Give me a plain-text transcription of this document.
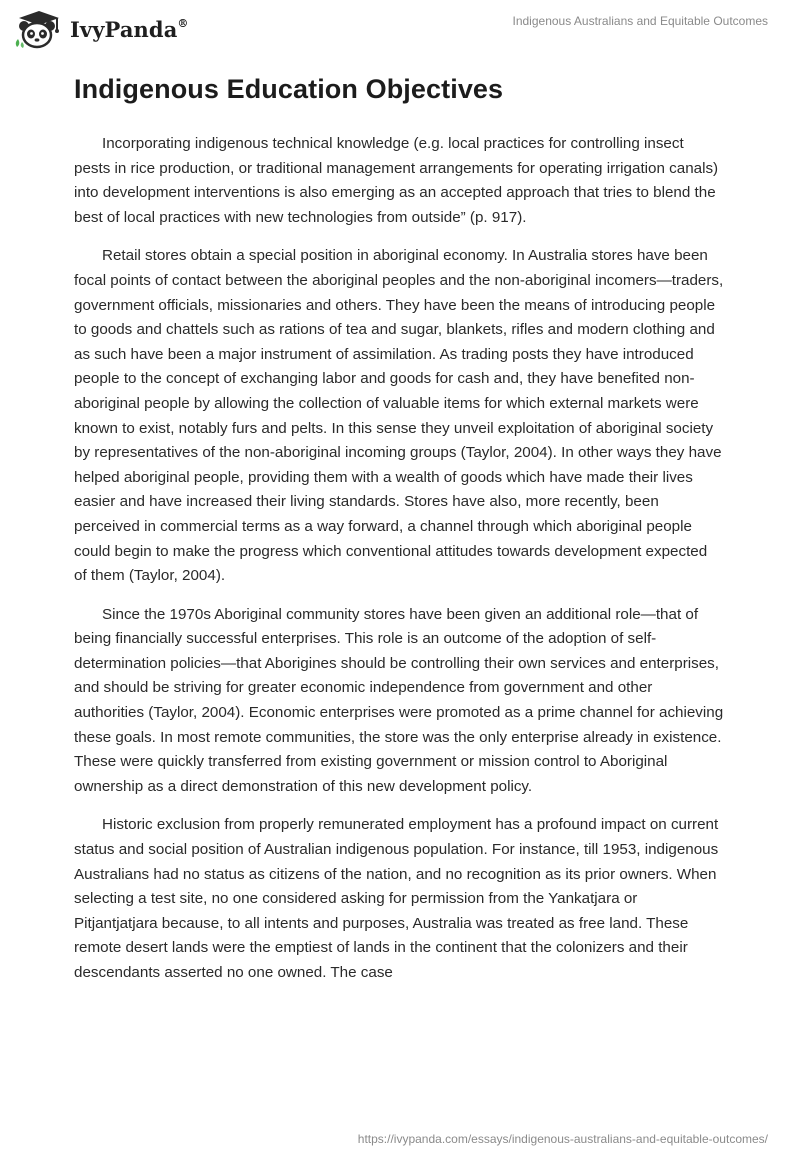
IvyPanda®	Indigenous Australians and Equitable Outcomes
Indigenous Education Objectives

Incorporating indigenous technical knowledge (e.g. local practices for controlling insect pests in rice production, or traditional management arrangements for operating irrigation canals) into development interventions is also emerging as an accepted approach that tries to blend the best of local practices with new technologies from outside” (p. 917).

Retail stores obtain a special position in aboriginal economy. In Australia stores have been focal points of contact between the aboriginal peoples and the non-aboriginal incomers—traders, government officials, missionaries and others. They have been the means of introducing people to goods and chattels such as rations of tea and sugar, blankets, rifles and modern clothing and as such have been a major instrument of assimilation. As trading posts they have introduced people to the concept of exchanging labor and goods for cash and, they have benefited non-aboriginal people by allowing the collection of valuable items for which external markets were known to exist, notably furs and pelts. In this sense they unveil exploitation of aboriginal society by representatives of the non-aboriginal incoming groups (Taylor, 2004). In other ways they have helped aboriginal people, providing them with a wealth of goods which have made their lives easier and have increased their living standards. Stores have also, more recently, been perceived in commercial terms as a way forward, a channel through which aboriginal people could begin to make the progress which conventional attitudes towards development expected of them (Taylor, 2004).

Since the 1970s Aboriginal community stores have been given an additional role—that of being financially successful enterprises. This role is an outcome of the adoption of self-determination policies—that Aborigines should be controlling their own services and enterprises, and should be striving for greater economic independence from government and other authorities (Taylor, 2004). Economic enterprises were promoted as a prime channel for achieving these goals. In most remote communities, the store was the only enterprise already in existence. These were quickly transferred from existing government or mission control to Aboriginal ownership as a direct demonstration of this new development policy.

Historic exclusion from properly remunerated employment has a profound impact on current status and social position of Australian indigenous population. For instance, till 1953, indigenous Australians had no status as citizens of the nation, and no recognition as its prior owners. When selecting a test site, no one considered asking for permission from the Yankatjara or Pitjantjatjara because, to all intents and purposes, Australia was treated as free land. These remote desert lands were the emptiest of lands in the continent that the colonizers and their descendants asserted no one owned. The case

https://ivypanda.com/essays/indigenous-australians-and-equitable-outcomes/
